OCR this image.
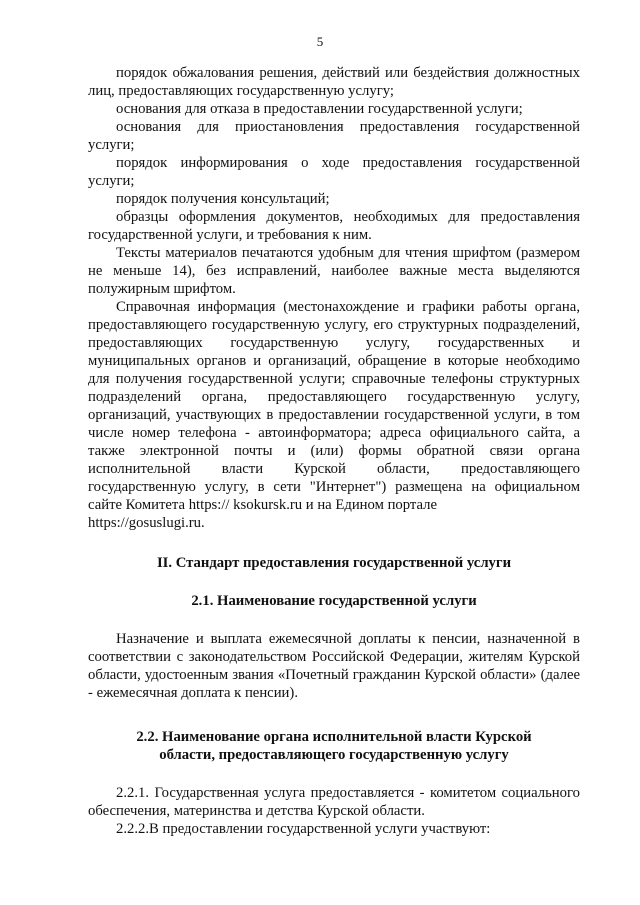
5

порядок обжалования решения, действий или бездействия должностных лиц, предоставляющих государственную услугу;

основания для отказа в предоставлении государственной услуги;

основания для приостановления предоставления государственной услуги;

порядок информирования о ходе предоставления государственной услуги;

порядок получения консультаций;

образцы оформления документов, необходимых для предоставления государственной услуги, и требования к ним.

Тексты материалов печатаются удобным для чтения шрифтом (размером не меньше 14), без исправлений, наиболее важные места выделяются полужирным шрифтом.

Справочная информация (местонахождение и графики работы органа, предоставляющего государственную услугу, его структурных подразделений, предоставляющих государственную услугу, государственных и муниципальных органов и организаций, обращение в которые необходимо для получения государственной услуги; справочные телефоны структурных подразделений органа, предоставляющего государственную услугу, организаций, участвующих в предоставлении государственной услуги, в том числе номер телефона - автоинформатора; адреса официального сайта, а также электронной почты и (или) формы обратной связи органа исполнительной власти Курской области, предоставляющего государственную услугу, в сети "Интернет") размещена на официальном сайте Комитета https:// ksokursk.ru и на Едином портале

https://gosuslugi.ru.

II. Стандарт предоставления государственной услуги
2.1. Наименование государственной услуги

Назначение и выплата ежемесячной доплаты к пенсии, назначенной в соответствии с законодательством Российской Федерации, жителям Курской области, удостоенным звания «Почетный гражданин Курской области» (далее - ежемесячная доплата к пенсии).

2.2. Наименование органа исполнительной власти Курской
области, предоставляющего государственную услугу

2.2.1. Государственная услуга предоставляется - комитетом социального обеспечения, материнства и детства Курской области.

2.2.2.В предоставлении государственной услуги участвуют:
